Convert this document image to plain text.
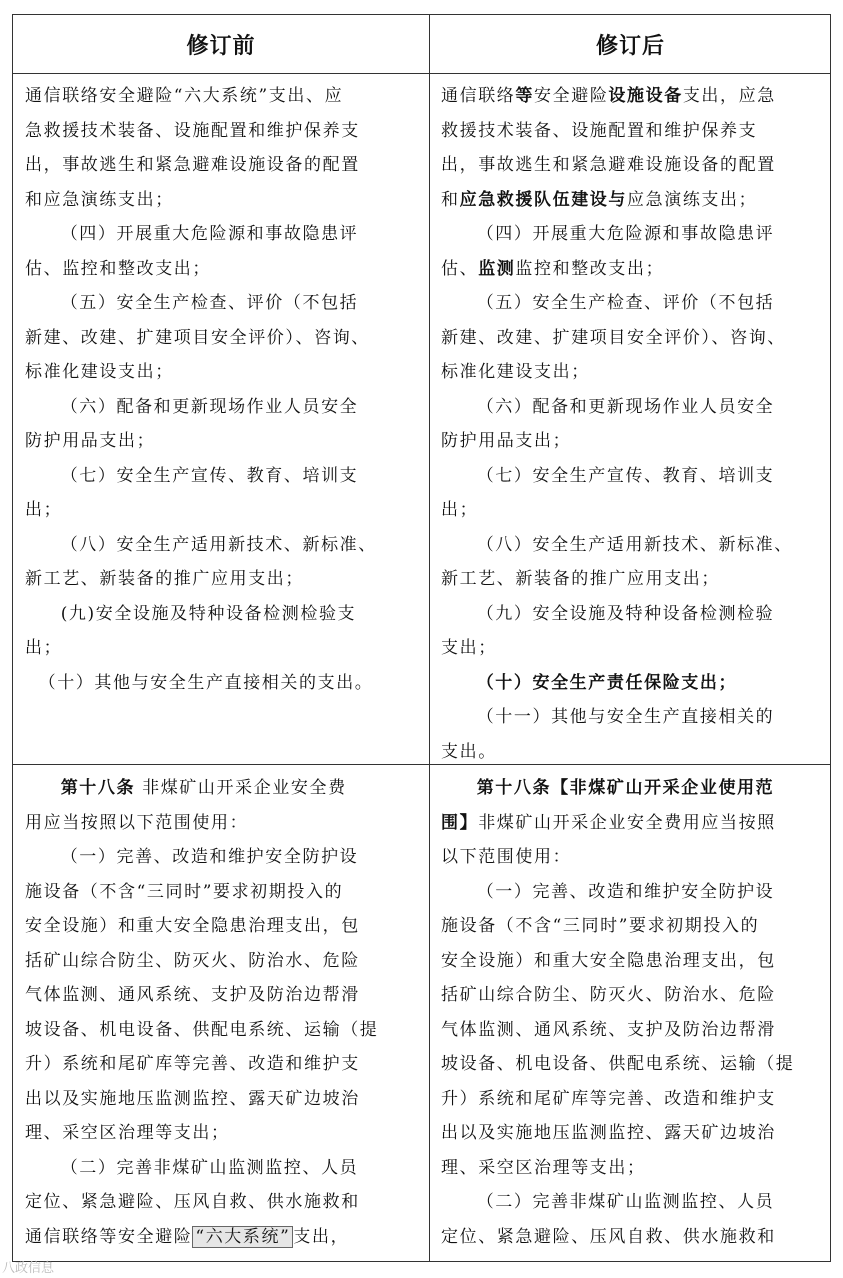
修订前	修订后
通信联络安全避险“六大系统”支出、应
急救援技术装备、设施配置和维护保养支
出，事故逃生和紧急避难设施设备的配置
和应急演练支出；
（四）开展重大危险源和事故隐患评
估、监控和整改支出；
（五）安全生产检查、评价（不包括
新建、改建、扩建项目安全评价）、咨询、
标准化建设支出；
（六）配备和更新现场作业人员安全
防护用品支出；
（七）安全生产宣传、教育、培训支
出；
（八）安全生产适用新技术、新标准、
新工艺、新装备的推广应用支出；
(九)安全设施及特种设备检测检验支
出；
（十）其他与安全生产直接相关的支出。
通信联络等安全避险设施设备支出，应急
救援技术装备、设施配置和维护保养支
出，事故逃生和紧急避难设施设备的配置
和应急救援队伍建设与应急演练支出；
（四）开展重大危险源和事故隐患评
估、监测监控和整改支出；
（五）安全生产检查、评价（不包括
新建、改建、扩建项目安全评价）、咨询、
标准化建设支出；
（六）配备和更新现场作业人员安全
防护用品支出；
（七）安全生产宣传、教育、培训支
出；
（八）安全生产适用新技术、新标准、
新工艺、新装备的推广应用支出；
（九）安全设施及特种设备检测检验
支出；
（十）安全生产责任保险支出；
（十一）其他与安全生产直接相关的
支出。
第十八条 非煤矿山开采企业安全费
用应当按照以下范围使用：
（一）完善、改造和维护安全防护设
施设备（不含“三同时”要求初期投入的
安全设施）和重大安全隐患治理支出，包
括矿山综合防尘、防灭火、防治水、危险
气体监测、通风系统、支护及防治边帮滑
坡设备、机电设备、供配电系统、运输（提
升）系统和尾矿库等完善、改造和维护支
出以及实施地压监测监控、露天矿边坡治
理、采空区治理等支出；
（二）完善非煤矿山监测监控、人员
定位、紧急避险、压风自救、供水施救和
通信联络等安全避险 “六大系统” 支出，
第十八条【非煤矿山开采企业使用范
围】非煤矿山开采企业安全费用应当按照
以下范围使用：
（一）完善、改造和维护安全防护设
施设备（不含“三同时”要求初期投入的
安全设施）和重大安全隐患治理支出，包
括矿山综合防尘、防灭火、防治水、危险
气体监测、通风系统、支护及防治边帮滑
坡设备、机电设备、供配电系统、运输（提
升）系统和尾矿库等完善、改造和维护支
出以及实施地压监测监控、露天矿边坡治
理、采空区治理等支出；
（二）完善非煤矿山监测监控、人员
定位、紧急避险、压风自救、供水施救和
八政信息
